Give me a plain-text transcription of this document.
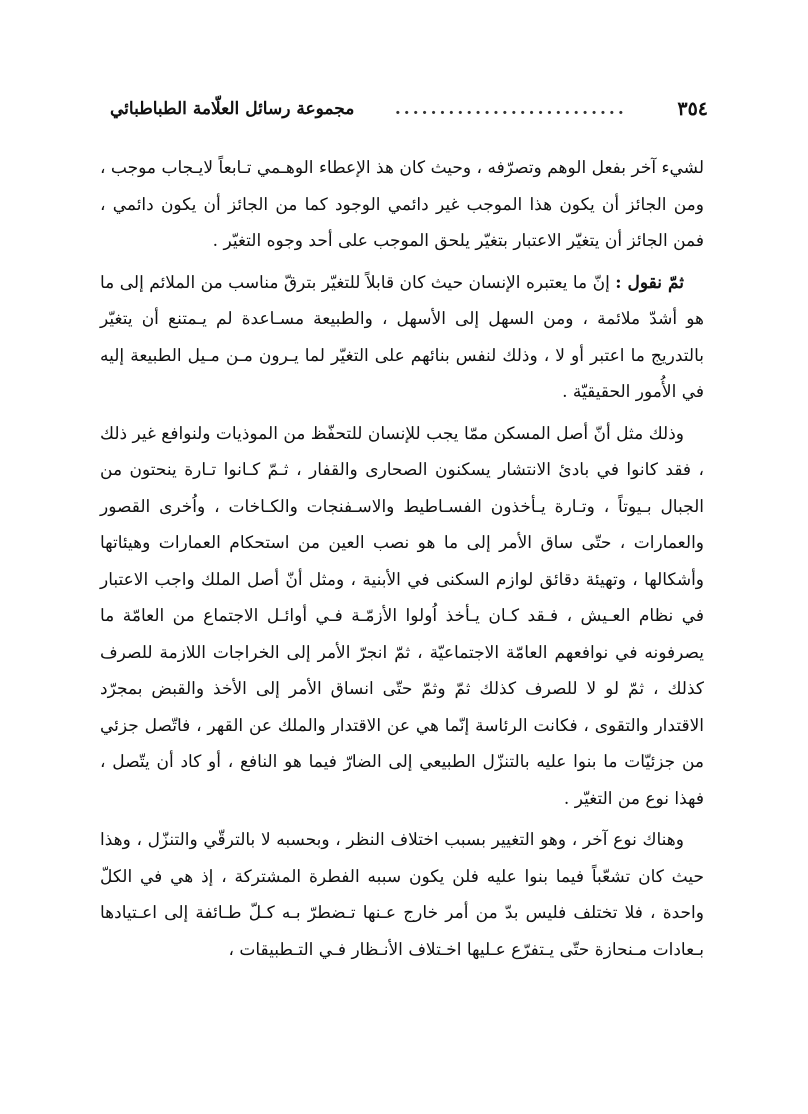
٣٥٤
..........................
مجموعة رسائل العلّامة الطباطبائي

لشيء آخر بفعل الوهم وتصرّفه ، وحيث كان هذ الإعطاء الوهـمي تـابعاً لايـجاب موجب ، ومن الجائز أن يكون هذا الموجب غير دائمي الوجود كما من الجائز أن يكون دائمي ، فمن الجائز أن يتغيّر الاعتبار بتغيّر يلحق الموجب على أحد وجوه التغيّر .

ثمّ نقول : إنّ ما يعتبره الإنسان حيث كان قابلاً للتغيّر بترقّ مناسب من الملائم إلى ما هو أشدّ ملائمة ، ومن السهل إلى الأسهل ، والطبيعة مسـاعدة لم يـمتنع أن يتغيّر بالتدريج ما اعتبر أو لا ، وذلك لنفس بنائهم على التغيّر لما يـرون مـن مـيل الطبيعة إليه في الأُمور الحقيقيّة .

وذلك مثل أنّ أصل المسكن ممّا يجب للإنسان للتحفّظ من الموذيات ولنوافع غير ذلك ، فقد كانوا في بادئ الانتشار يسكنون الصحارى والقفار ، ثـمّ كـانوا تـارة ينحتون من الجبال بـيوتاً ، وتـارة يـأخذون الفسـاطيط والاسـفنجات والكـاخات ، واُخرى القصور والعمارات ، حتّى ساق الأمر إلى ما هو نصب العين من استحكام العمارات وهيئاتها وأشكالها ، وتهيئة دقائق لوازم السكنى في الأبنية ، ومثل أنّ أصل الملك واجب الاعتبار في نظام العـيش ، فـقد كـان يـأخذ اُولوا الأزمّـة فـي أوائـل الاجتماع من العامّة ما يصرفونه في نوافعهم العامّة الاجتماعيّة ، ثمّ انجرّ الأمر إلى الخراجات اللازمة للصرف كذلك ، ثمّ لو لا للصرف كذلك ثمّ وثمّ حتّى انساق الأمر إلى الأخذ والقبض بمجرّد الاقتدار والتقوى ، فكانت الرئاسة إنّما هي عن الاقتدار والملك عن القهر ، فاتّصل جزئي من جزئيّات ما بنوا عليه بالتنزّل الطبيعي إلى الضارّ فيما هو النافع ، أو كاد أن يتّصل ، فهذا نوع من التغيّر .

وهناك نوع آخر ، وهو التغيير بسبب اختلاف النظر ، وبحسبه لا بالترقّي والتنزّل ، وهذا حيث كان تشعّباً فيما بنوا عليه فلن يكون سببه الفطرة المشتركة ، إذ هي في الكلّ واحدة ، فلا تختلف فليس بدّ من أمر خارج عـنها تـضطرّ بـه كـلّ طـائفة إلى اعـتيادها بـعادات مـنحازة حتّى يـتفرّع عـليها اخـتلاف الأنـظار فـي التـطبيقات ،
